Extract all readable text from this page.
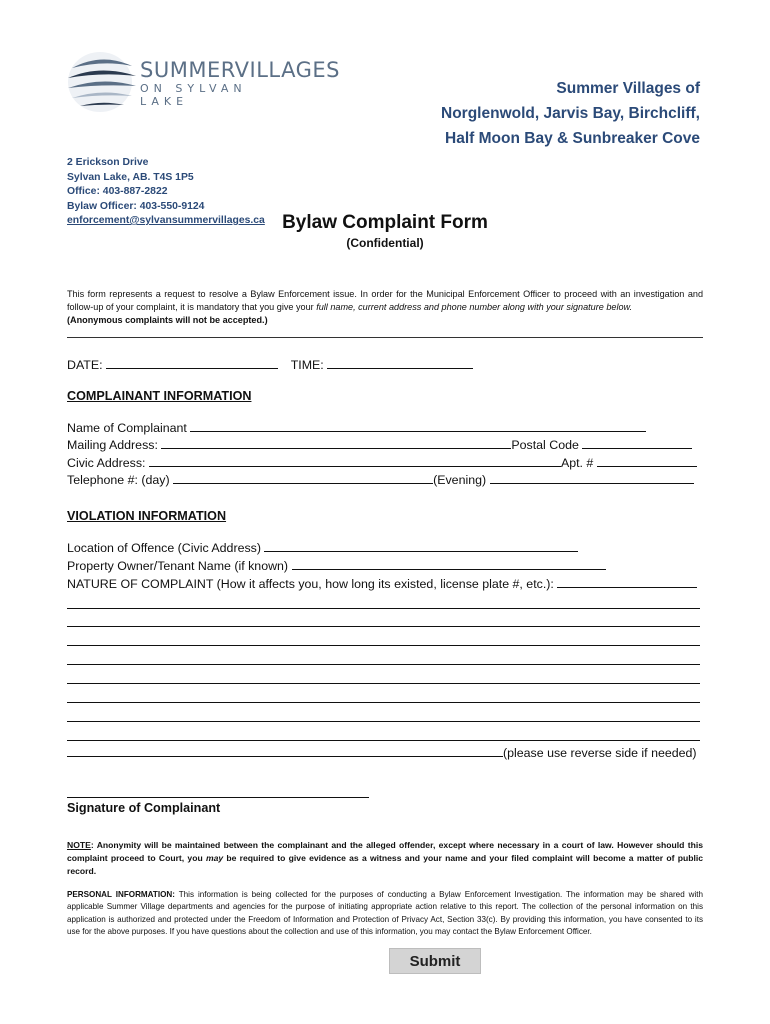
SUMMERVILLAGES
ON SYLVAN LAKE
Summer Villages of
Norglenwold, Jarvis Bay, Birchcliff,
Half Moon Bay & Sunbreaker Cove
2 Erickson Drive
Sylvan Lake, AB. T4S 1P5
Office: 403-887-2822
Bylaw Officer: 403-550-9124
enforcement@sylvansummervillages.ca Bylaw Complaint Form
(Confidential)
This form represents a request to resolve a Bylaw Enforcement issue. In order for the Municipal Enforcement Officer to proceed with an investigation and follow-up of your complaint, it is mandatory that you give your full name, current address and phone number along with your signature below.
(Anonymous complaints will not be accepted.)
DATE:	TIME:
COMPLAINANT INFORMATION
Name of Complainant
Mailing Address:	Postal Code
Civic Address:	Apt. #
Telephone #: (day)	(Evening)
VIOLATION INFORMATION
Location of Offence (Civic Address)
Property Owner/Tenant Name (if known)
NATURE OF COMPLAINT (How it affects you, how long its existed, license plate #, etc.):
(please use reverse side if needed)
Signature of Complainant
NOTE: Anonymity will be maintained between the complainant and the alleged offender, except where necessary in a court of law. However should this complaint proceed to Court, you may be required to give evidence as a witness and your name and your filed complaint will become a matter of public record.
PERSONAL INFORMATION: This information is being collected for the purposes of conducting a Bylaw Enforcement Investigation. The information may be shared with applicable Summer Village departments and agencies for the purpose of initiating appropriate action relative to this report. The collection of the personal information on this application is authorized and protected under the Freedom of Information and Protection of Privacy Act, Section 33(c). By providing this information, you have consented to its use for the above purposes. If you have questions about the collection and use of this information, you may contact the Bylaw Enforcement Officer.
Submit
